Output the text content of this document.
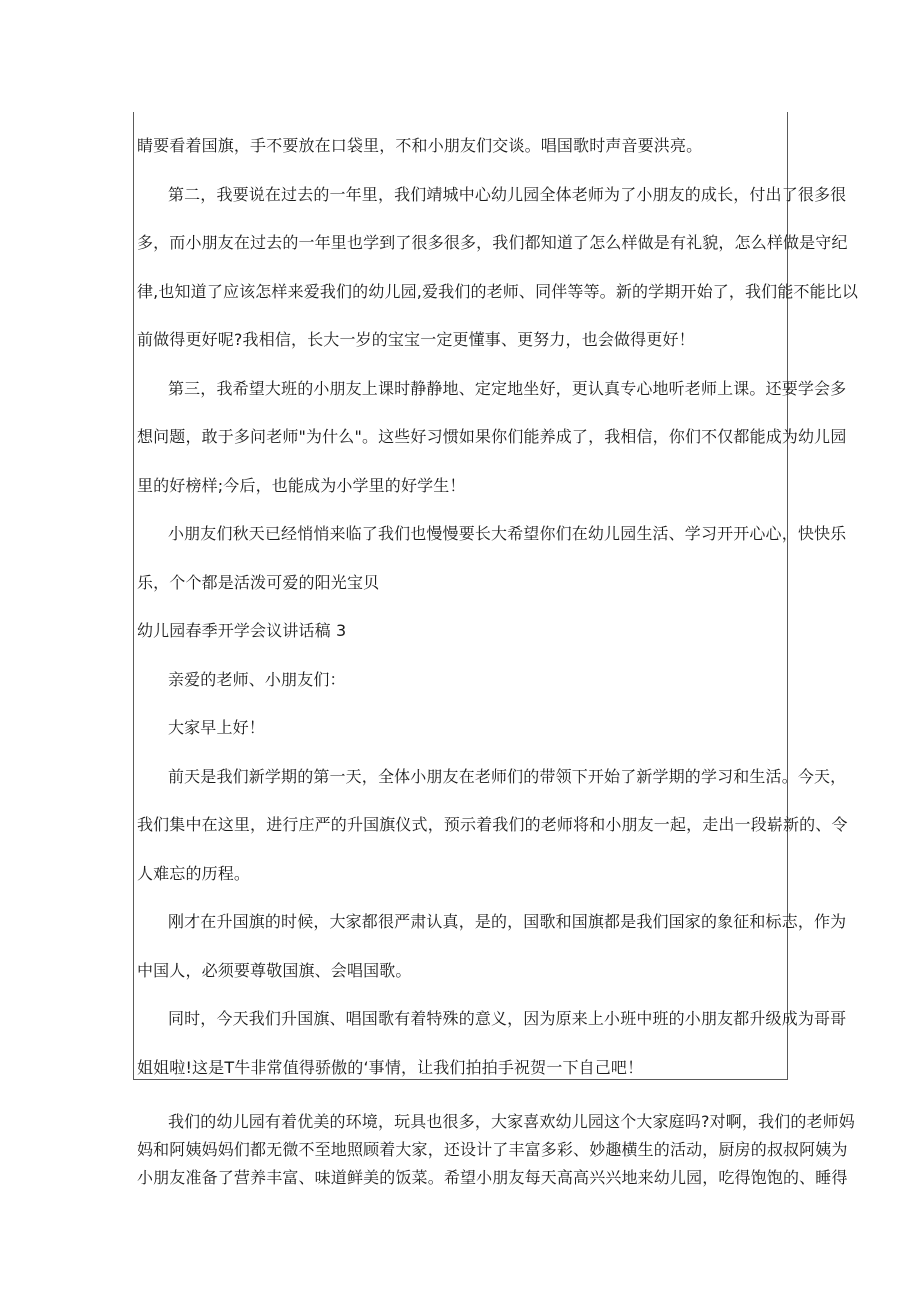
睛要看着国旗，手不要放在口袋里，不和小朋友们交谈。唱国歌时声音要洪亮。
第二，我要说在过去的一年里，我们靖城中心幼儿园全体老师为了小朋友的成长，付出了很多很
多，而小朋友在过去的一年里也学到了很多很多，我们都知道了怎么样做是有礼貌，怎么样做是守纪
律,也知道了应该怎样来爱我们的幼儿园,爱我们的老师、同伴等等。新的学期开始了，我们能不能比以
前做得更好呢?我相信，长大一岁的宝宝一定更懂事、更努力，也会做得更好！
第三，我希望大班的小朋友上课时静静地、定定地坐好，更认真专心地听老师上课。还要学会多
想问题，敢于多问老师"为什么"。这些好习惯如果你们能养成了，我相信，你们不仅都能成为幼儿园
里的好榜样;今后，也能成为小学里的好学生！
小朋友们秋天已经悄悄来临了我们也慢慢要长大希望你们在幼儿园生活、学习开开心心，快快乐
乐，个个都是活泼可爱的阳光宝贝
幼儿园春季开学会议讲话稿 3
亲爱的老师、小朋友们：
大家早上好！
前天是我们新学期的第一天，全体小朋友在老师们的带领下开始了新学期的学习和生活。今天，
我们集中在这里，进行庄严的升国旗仪式，预示着我们的老师将和小朋友一起，走出一段崭新的、令
人难忘的历程。
刚才在升国旗的时候，大家都很严肃认真，是的，国歌和国旗都是我们国家的象征和标志，作为
中国人，必须要尊敬国旗、会唱国歌。
同时，今天我们升国旗、唱国歌有着特殊的意义，因为原来上小班中班的小朋友都升级成为哥哥
姐姐啦!这是T牛非常值得骄傲的‘事情，让我们拍拍手祝贺一下自己吧！
我们的幼儿园有着优美的环境，玩具也很多，大家喜欢幼儿园这个大家庭吗?对啊，我们的老师妈
妈和阿姨妈妈们都无微不至地照顾着大家，还设计了丰富多彩、妙趣横生的活动，厨房的叔叔阿姨为
小朋友准备了营养丰富、味道鲜美的饭菜。希望小朋友每天高高兴兴地来幼儿园，吃得饱饱的、睡得
